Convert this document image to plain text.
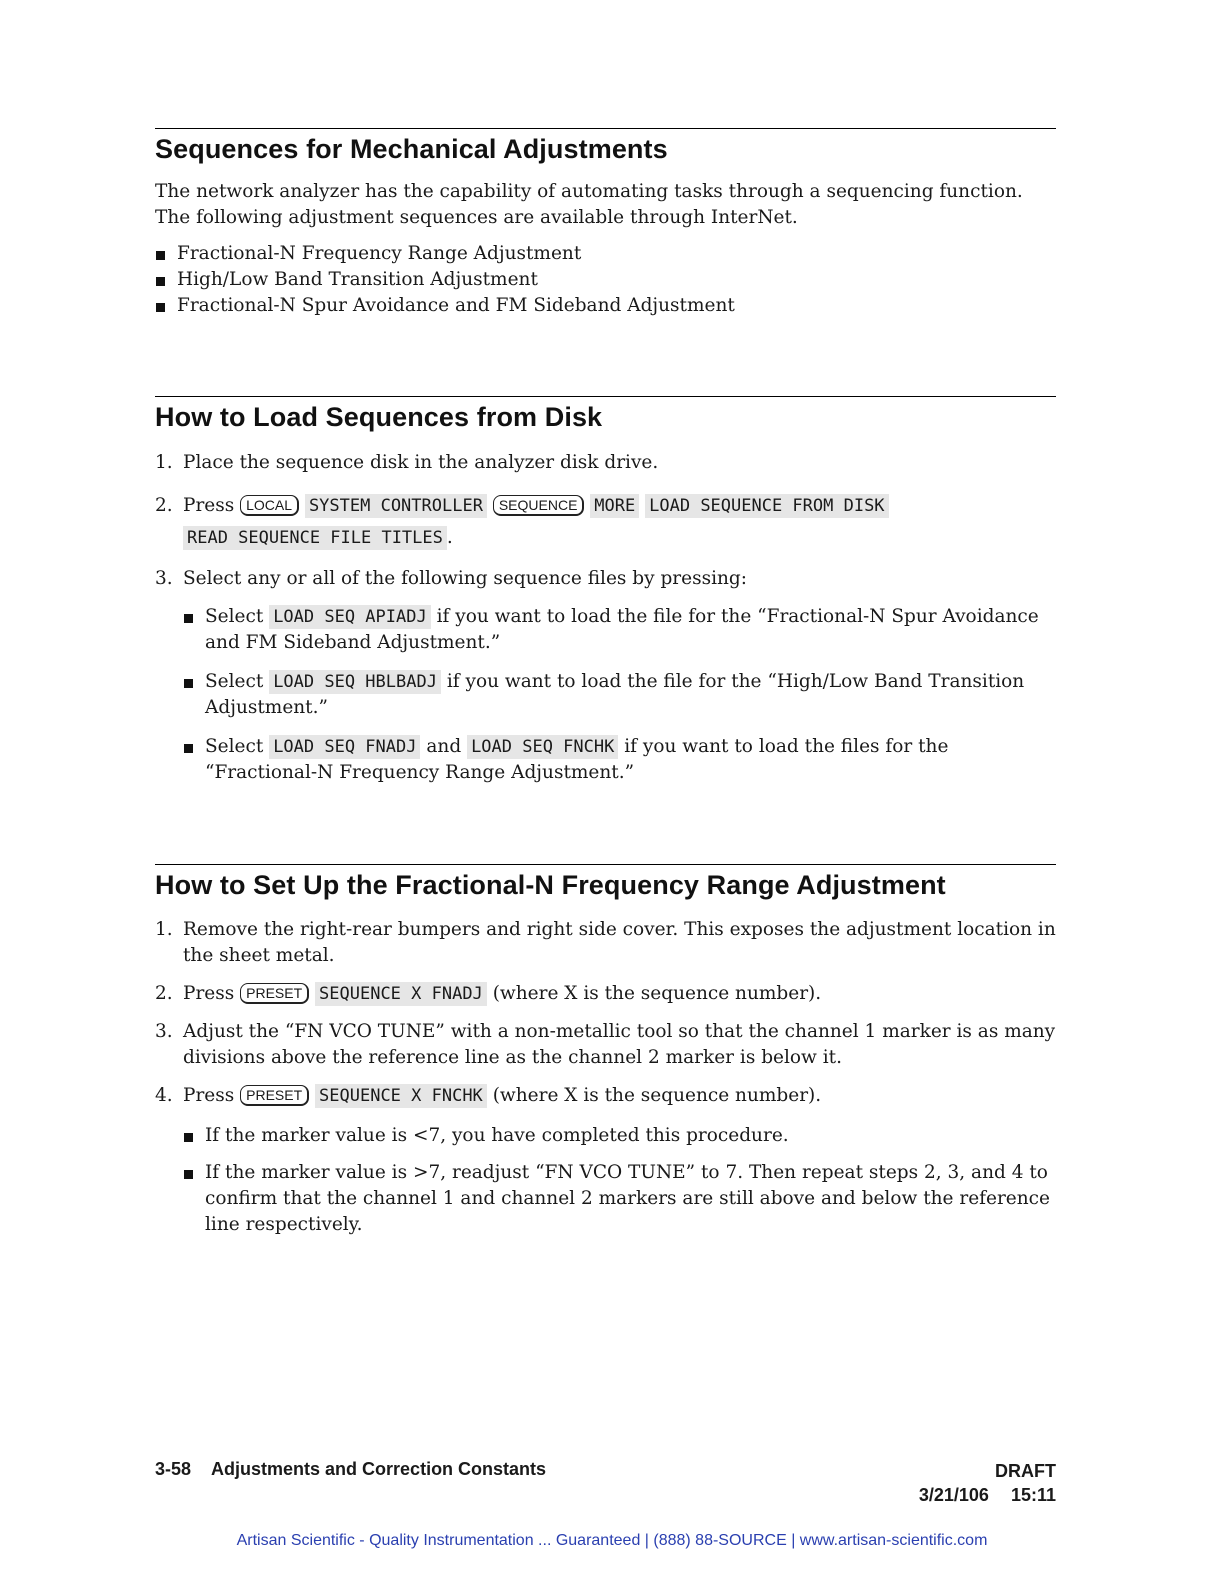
Sequences for Mechanical Adjustments

The network analyzer has the capability of automating tasks through a sequencing function. The following adjustment sequences are available through InterNet.

Fractional-N Frequency Range Adjustment
High/Low Band Transition Adjustment
Fractional-N Spur Avoidance and FM Sideband Adjustment
How to Load Sequences from Disk
1. Place the sequence disk in the analyzer disk drive.
2. Press LOCAL SYSTEM CONTROLLER SEQUENCE MORE LOAD SEQUENCE FROM DISK READ SEQUENCE FILE TITLES .
3. Select any or all of the following sequence files by pressing:
Select LOAD SEQ APIADJ if you want to load the file for the “Fractional-N Spur Avoidance and FM Sideband Adjustment.”
Select LOAD SEQ HBLBADJ if you want to load the file for the “High/Low Band Transition Adjustment.”
Select LOAD SEQ FNADJ and LOAD SEQ FNCHK if you want to load the files for the “Fractional-N Frequency Range Adjustment.”
How to Set Up the Fractional-N Frequency Range Adjustment
1. Remove the right-rear bumpers and right side cover. This exposes the adjustment location in the sheet metal.
2. Press PRESET SEQUENCE X FNADJ (where X is the sequence number).
3. Adjust the “FN VCO TUNE” with a non-metallic tool so that the channel 1 marker is as many divisions above the reference line as the channel 2 marker is below it.
4. Press PRESET SEQUENCE X FNCHK (where X is the sequence number).
If the marker value is <7, you have completed this procedure.
If the marker value is >7, readjust “FN VCO TUNE” to 7. Then repeat steps 2, 3, and 4 to confirm that the channel 1 and channel 2 markers are still above and below the reference line respectively.
3-58 Adjustments and Correction Constants	DRAFT
3/21/106 15:11
Artisan Scientific - Quality Instrumentation ... Guaranteed | (888) 88-SOURCE | www.artisan-scientific.com
